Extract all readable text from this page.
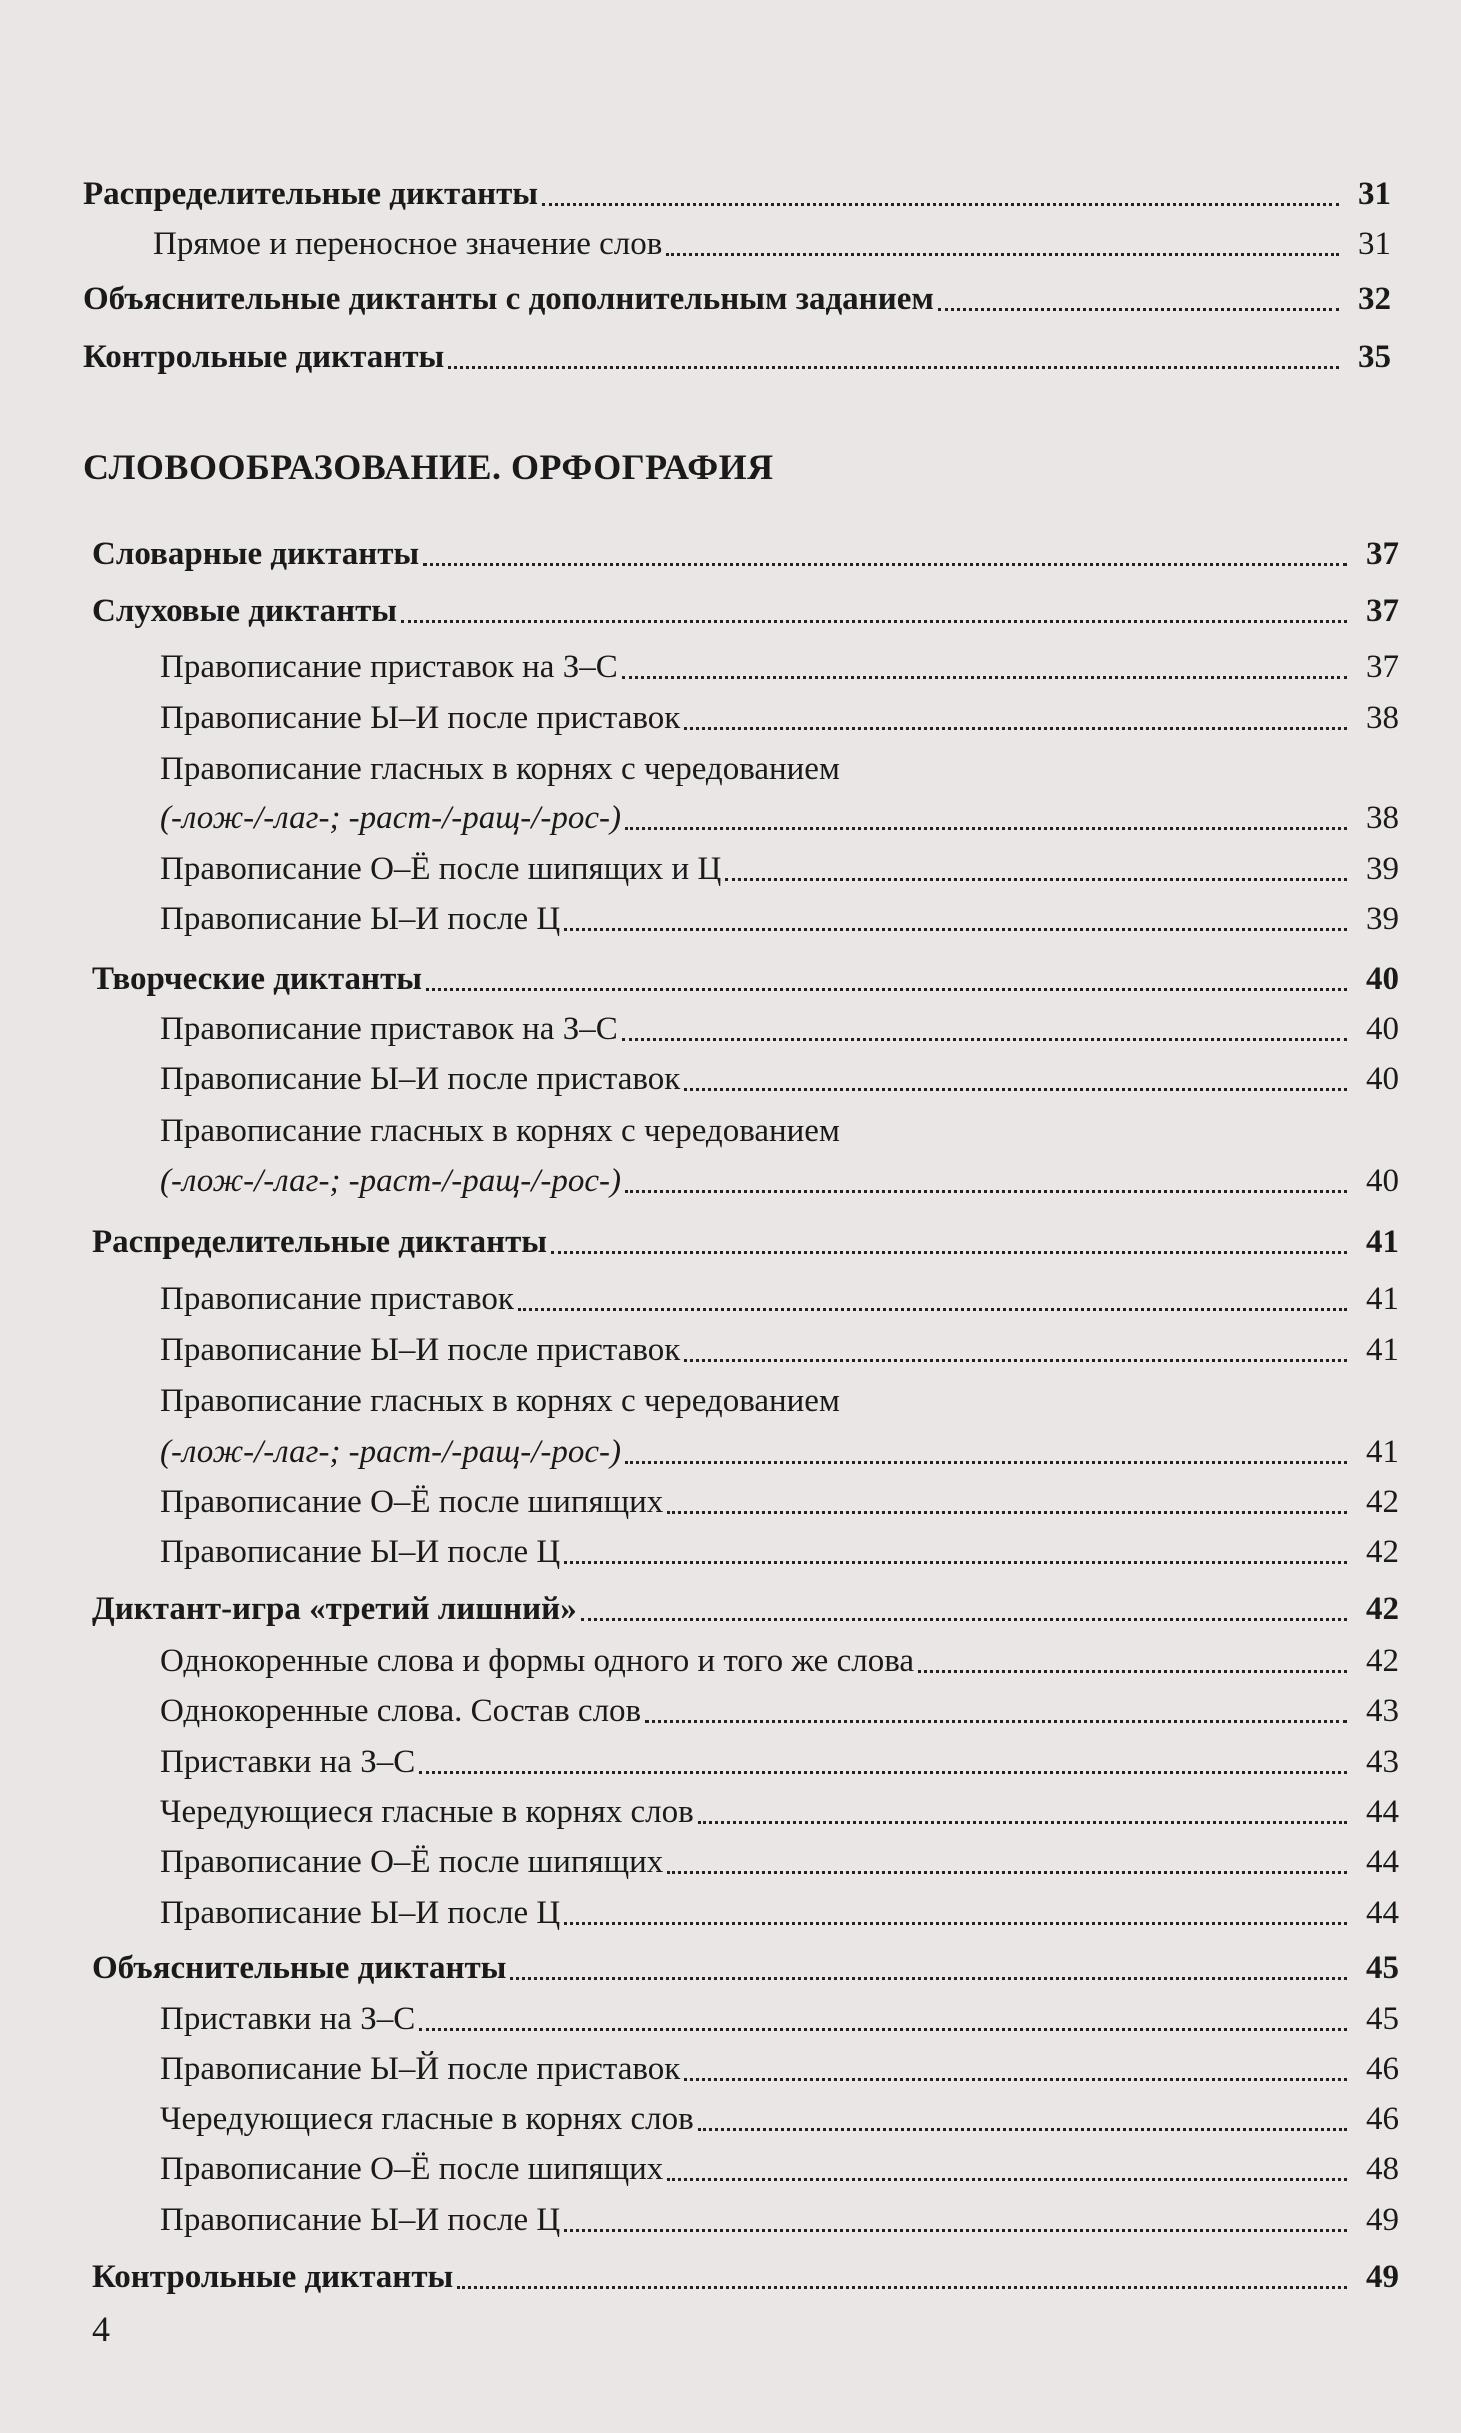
Распределительные диктанты	31
Прямое и переносное значение слов	31
Объяснительные диктанты с дополнительным заданием	32
Контрольные диктанты	35
СЛОВООБРАЗОВАНИЕ. ОРФОГРАФИЯ
Словарные диктанты	37
Слуховые диктанты	37
Правописание приставок на З–С	37
Правописание Ы–И после приставок	38
Правописание гласных в корнях с чередованием
(-лож-/-лаг-; -раст-/-ращ-/-рос-)	38
Правописание О–Ё после шипящих и Ц	39
Правописание Ы–И после Ц	39
Творческие диктанты	40
Правописание приставок на З–С	40
Правописание Ы–И после приставок	40
Правописание гласных в корнях с чередованием
(-лож-/-лаг-; -раст-/-ращ-/-рос-)	40
Распределительные диктанты	41
Правописание приставок	41
Правописание Ы–И после приставок	41
Правописание гласных в корнях с чередованием
(-лож-/-лаг-; -раст-/-ращ-/-рос-)	41
Правописание О–Ё после шипящих	42
Правописание Ы–И после Ц	42
Диктант-игра «третий лишний»	42
Однокоренные слова и формы одного и того же слова	42
Однокоренные слова. Состав слов	43
Приставки на З–С	43
Чередующиеся гласные в корнях слов	44
Правописание О–Ё после шипящих	44
Правописание Ы–И после Ц	44
Объяснительные диктанты	45
Приставки на З–С	45
Правописание Ы–Й после приставок	46
Чередующиеся гласные в корнях слов	46
Правописание О–Ё после шипящих	48
Правописание Ы–И после Ц	49
Контрольные диктанты	49
4
